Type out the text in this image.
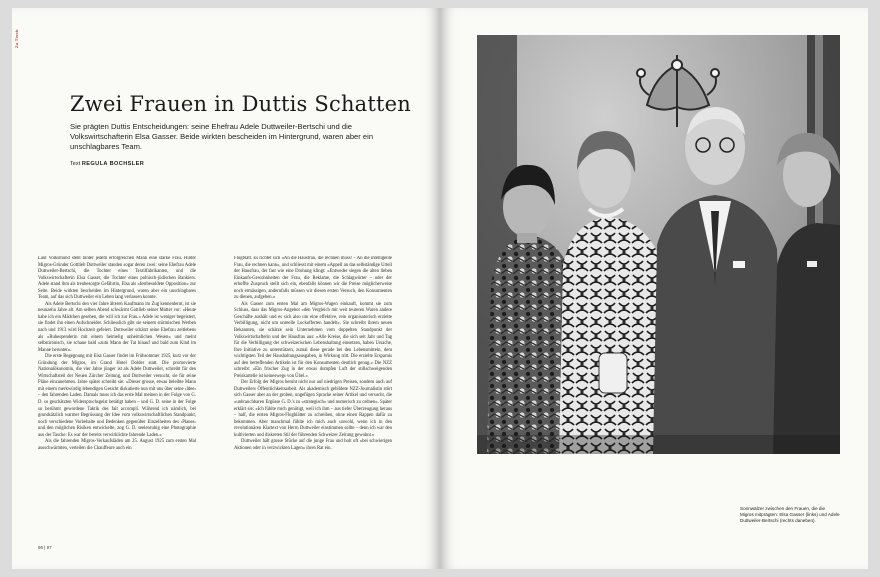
Zu Tisch
Zwei Frauen in Duttis Schatten
Sie prägten Duttis Entscheidungen: seine Ehefrau Adele Duttweiler-Bertschi und die Volkswirtschafterin Elsa Gasser. Beide wirkten bescheiden im Hintergrund, waren aber ein unschlagbares Team.
Text REGULA BOCHSLER

Laut Volksmund steht hinter jedem erfolgreichen Mann eine starke Frau. Hinter Migros-Gründer Gottlieb Duttweiler standen sogar deren zwei: seine Ehefrau Adele Duttweiler-Bertschi, die Tochter eines Textilfabrikanten, und die Volkswirtschafterin Elsa Gasser, die Tochter eines polnisch-jüdischen Bankiers. Adele stand ihm als treubesorgte Gefährtin, Elsa als «festbesoldete Opposition» zur Seite. Beide wirkten bescheiden im Hintergrund, waren aber ein unschlagbares Team, auf das sich Duttweiler ein Leben lang verlassen konnte.

Als Adele Bertschi den vier Jahre älteren Kaufmann im Zug kennenlernt, ist sie neunzehn Jahre alt. Am selben Abend schwärmt Gottlieb seiner Mutter vor: «Heute habe ich ein Mädchen gesehen, die will ich zur Frau.» Adele ist weniger begeistert, sie findet ihn einen Aufschneider. Schliesslich gibt sie seinem stürmischen Werben nach und 1913 wird Hochzeit gefeiert. Duttweiler schätzt seine Ehefrau zeitlebens als «Ruhespenderin mit einem heimelig unheimlichen Wesen» und meint selbstironisch, sie schaue bald «zum Mann der Tat hinauf und bald zum Kind im Manne herunter».

Die erste Begegnung mit Elsa Gasser findet im Frühsommer 1925, kurz vor der Gründung der Migros, im Grand Hotel Dolder statt. Die promovierte Nationalökonomin, die vier Jahre jünger ist als Adele Duttweiler, schreibt für den Wirtschaftsteil der Neuen Zürcher Zeitung, und Duttweiler versucht, sie für seine Pläne einzunehmen. Jahre später schreibt sie: «Dieser grosse, etwas beleibte Mann mit einem merkwürdig lebendigen Gesicht diskutierte nun mit uns über seine ‹Idee› – den fahrenden Laden. Damals muss ich das erste Mal meinen in der Folge von G. D. so geschätzten Widerspruchsgeist betätigt haben – und G. D. seine in der Folge so berühmt gewordene Taktik des fait accompli. Während ich nämlich, bei grundsätzlich warmer Begrüssung der Idee vom volkswirtschaftlichen Standpunkt, noch verschiedene Vorbehalte und Bedenken gegenüber Einzelheiten des ‹Planes› und den möglichen Risiken entwickelte, zog G. D. seelenruhig eine Photographie aus der Tasche: Es war der bereits verwirklichte fahrende Laden.»

Als die fahrenden Migros-Verkaufsläden am 25. August 1925 zum ersten Mal ausschwärmten, verteilen die Chauffeure auch ein

Flugblatt. Es richtet sich «An die Hausfrau, die rechnen muss! – An die intelligente Frau, die rechnen kann», und schliesst mit einem «Appell an das selbständige Urteil der Hausfrau, der fast wie eine Drohung klingt: «Entweder siegen die alten lieben Einkaufs-Gewohnheiten der Frau, die Reklame, die Schlagwörter – oder der erhoffte Zuspruch stellt sich ein, ebenfalls können wir die Preise möglicherweise noch ermässigen, andernfalls müssen wir diesen ersten Versuch, den Konsumenten zu dienen, aufgeben.»

Als Gasser zum ersten Mal am Migros-Wagen einkauft, kommt sie zum Schluss, dass das Migros-Angebot «den Vergleich mit weit teureren Waren andere Geschäfte aushält und es sich also um eine effektive, rein organisatorisch erzielte Verbilligung, nicht um unreelle Lockofferten handelt». Sie schreibt ihrem neuen Bekannten, sie schätze sein Unternehmen vom doppelten Standpunkt der Volkswirtschafterin und der Hausfrau aus: «Alle Kreise, die sich seit Jahr und Tag für die Verbilligung der schweizerischen Lebenshaltung einsetzen, haben Ursache, Ihre Initiative zu unterstützen, zumal diese gerade bei den Lebensmitteln, dem wichtigsten Teil der Haushaltungsausgaben, in Wirkung tritt. Die erzielte Ersparnis auf den betreffenden Artikeln ist für den Konsumenten deutlich genug.» Die NZZ schreibt: «Ein frischer Zug in der etwas dumpfen Luft der stillschweigenden Preiskartelle ist keineswegs von Übel.»

Der Erfolg der Migros beruht nicht nur auf niedrigen Preisen, sondern auch auf Duttweilers Öffentlichkeitsarbeit. Als akademisch gebildete NZZ-Journalistin stört sich Gasser aber an der groben, ungefügen Sprache seiner Artikel und versucht, die «unbrauchbaren Ergüsse G. D.'s zu «strategisch» und numerisch zu ordnen». Später erklärt sie: «Ich fühlte mich genötigt, weil ich ihm – aus tiefer Überzeugung heraus – half, die ersten Migros-Flugblätter zu schreiben, ohne einen Rappen dafür zu bekommen. Aber manchmal fühlte ich mich auch unwohl, wenn ich in den revolutionären Klartext von Herrn Duttweiler einstimmen sollte – denn ich war den kultivierten und diskreten Stil der führenden Schweizer Zeitung gewohnt.»

Duttweiler hält grosse Stücke auf die junge Frau und holt oft «bei schwierigen Aktionen oder in verzwickten Lagen» ihren Rat ein.

96 | 97
Sonnwälzer zwischen den Frauen, die die Migros mitprägten: Elsa Gasser (links) und Adele Duttweiler-Bertschi (rechts daneben).
